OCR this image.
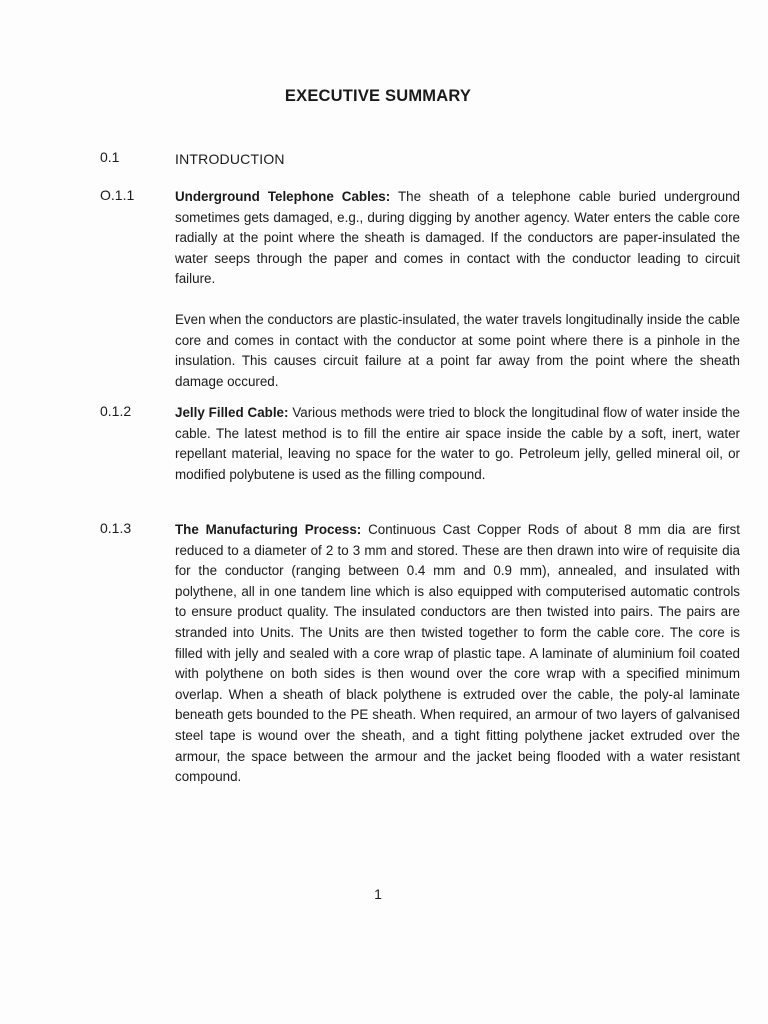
EXECUTIVE SUMMARY
0.1	INTRODUCTION
O.1.1	Underground Telephone Cables: The sheath of a telephone cable buried underground sometimes gets damaged, e.g., during digging by another agency. Water enters the cable core radially at the point where the sheath is damaged. If the conductors are paper-insulated the water seeps through the paper and comes in contact with the conductor leading to circuit failure.

Even when the conductors are plastic-insulated, the water travels longitudinally inside the cable core and comes in contact with the conductor at some point where there is a pinhole in the insulation. This causes circuit failure at a point far away from the point where the sheath damage occured.

0.1.2	Jelly Filled Cable: Various methods were tried to block the longitudinal flow of water inside the cable. The latest method is to fill the entire air space inside the cable by a soft, inert, water repellant material, leaving no space for the water to go. Petroleum jelly, gelled mineral oil, or modified polybutene is used as the filling compound.

0.1.3	The Manufacturing Process: Continuous Cast Copper Rods of about 8 mm dia are first reduced to a diameter of 2 to 3 mm and stored. These are then drawn into wire of requisite dia for the conductor (ranging between 0.4 mm and 0.9 mm), annealed, and insulated with polythene, all in one tandem line which is also equipped with computerised automatic controls to ensure product quality. The insulated conductors are then twisted into pairs. The pairs are stranded into Units. The Units are then twisted together to form the cable core. The core is filled with jelly and sealed with a core wrap of plastic tape. A laminate of aluminium foil coated with polythene on both sides is then wound over the core wrap with a specified minimum overlap. When a sheath of black polythene is extruded over the cable, the poly-al laminate beneath gets bounded to the PE sheath. When required, an armour of two layers of galvanised steel tape is wound over the sheath, and a tight fitting polythene jacket extruded over the armour, the space between the armour and the jacket being flooded with a water resistant compound.

1
